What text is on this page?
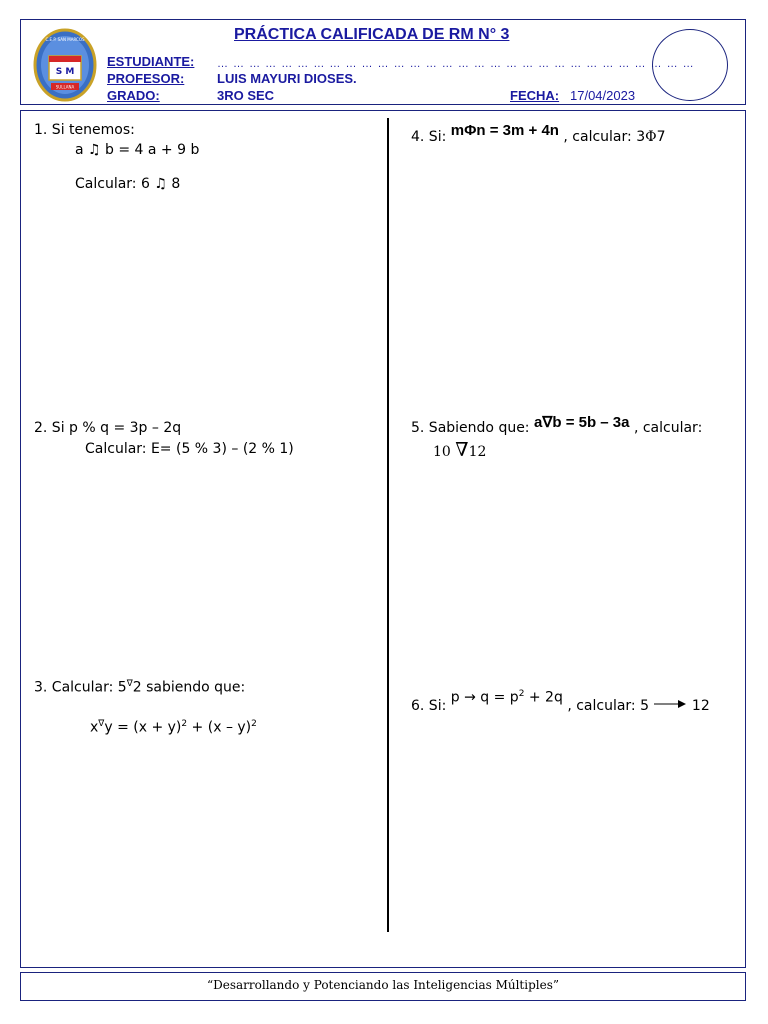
C.E.P. SAN MARCOS
S M
SULLANA
PRÁCTICA CALIFICADA DE RM N° 3
ESTUDIANTE: … … … … … … … … … … … … … … … … … … … … … … … … … … … … … …
PROFESOR:	LUIS MAYURI DIOSES.
GRADO:	3RO SEC	FECHA: 17/04/2023
1. Si tenemos:
a ♫ b = 4 a + 9 b
Calcular: 6 ♫ 8
2. Si p % q = 3p – 2q
Calcular: E= (5 % 3) – (2 % 1)
3. Calcular: 5∇2 sabiendo que:
$x^\nabla y = (x + y)^2 + (x - y)^2$
4. Si: mΦn = 3m + 4n , calcular: 3Φ7
5. Sabiendo que: a∇b = 5b – 3a , calcular:
10 ∇12
6. Si: $p \to q = p^2 + 2q$ , calcular: 5	12
“Desarrollando y Potenciando las Inteligencias Múltiples”
